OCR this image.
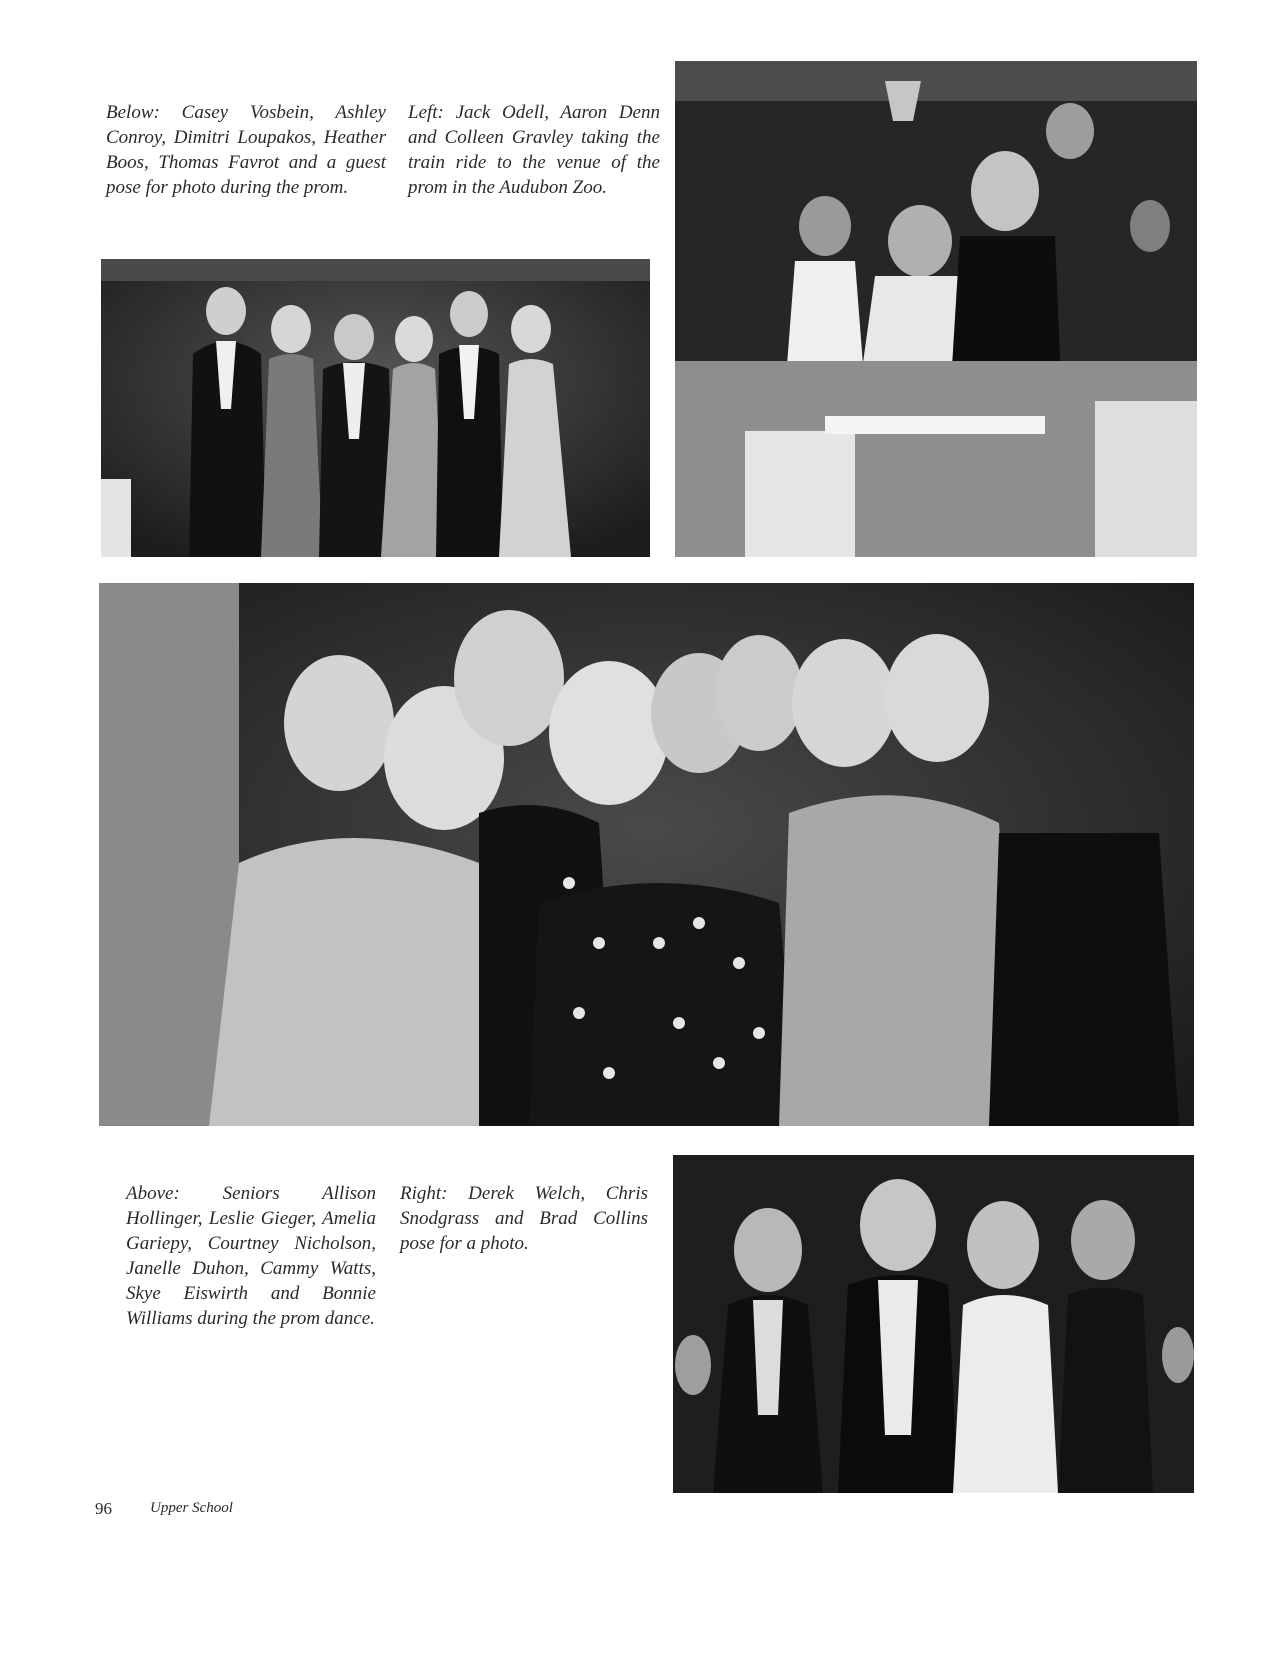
Below: Casey Vosbein, Ashley Conroy, Dimitri Loupakos, Heather Boos, Thomas Favrot and a guest pose for photo during the prom.

Left: Jack Odell, Aaron Denn and Colleen Gravley taking the train ride to the venue of the prom in the Audubon Zoo.

Above: Seniors Allison Hollinger, Leslie Gieger, Amelia Gariepy, Courtney Nicholson, Janelle Duhon, Cammy Watts, Skye Eiswirth and Bonnie Williams during the prom dance.

Right: Derek Welch, Chris Snodgrass and Brad Collins pose for a photo.

96	Upper School
